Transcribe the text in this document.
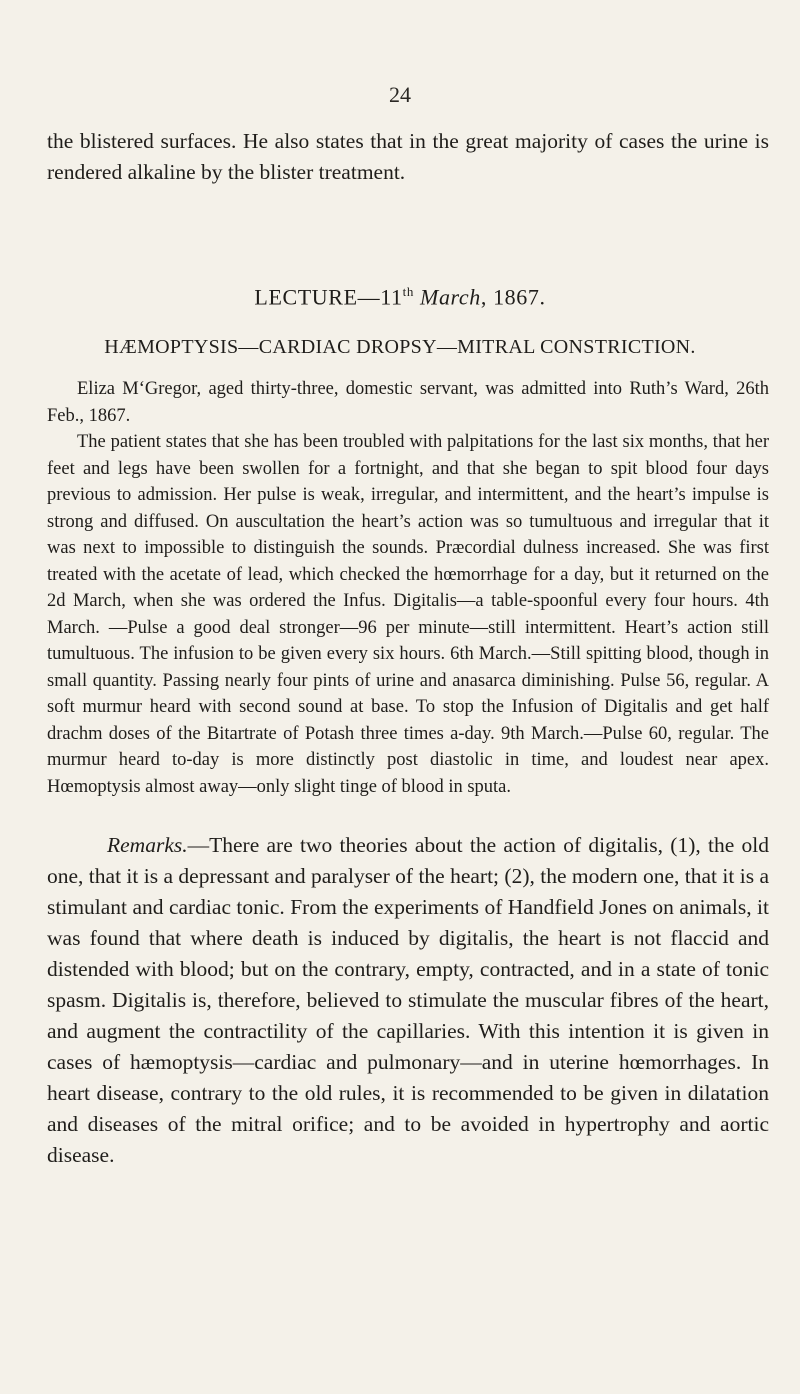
24
the blistered surfaces. He also states that in the great majority of cases the urine is rendered alkaline by the blister treatment.
LECTURE—11th March, 1867.
HÆMOPTYSIS—CARDIAC DROPSY—MITRAL CONSTRICTION.

Eliza M‘Gregor, aged thirty-three, domestic servant, was admitted into Ruth’s Ward, 26th Feb., 1867.

The patient states that she has been troubled with palpitations for the last six months, that her feet and legs have been swollen for a fortnight, and that she began to spit blood four days previous to admission. Her pulse is weak, irregular, and intermittent, and the heart’s impulse is strong and diffused. On auscultation the heart’s action was so tumultuous and irregular that it was next to impossible to distinguish the sounds. Præcordial dulness increased. She was first treated with the acetate of lead, which checked the hœmorrhage for a day, but it returned on the 2d March, when she was ordered the Infus. Digitalis—a table-spoonful every four hours. 4th March. —Pulse a good deal stronger—96 per minute—still intermittent. Heart’s action still tumultuous. The infusion to be given every six hours. 6th March.—Still spitting blood, though in small quantity. Passing nearly four pints of urine and anasarca diminishing. Pulse 56, regular. A soft murmur heard with second sound at base. To stop the Infusion of Digitalis and get half drachm doses of the Bitartrate of Potash three times a-day. 9th March.—Pulse 60, regular. The murmur heard to-day is more distinctly post diastolic in time, and loudest near apex. Hœmoptysis almost away—only slight tinge of blood in sputa.

Remarks.—There are two theories about the action of digitalis, (1), the old one, that it is a depressant and paralyser of the heart; (2), the modern one, that it is a stimulant and cardiac tonic. From the experiments of Handfield Jones on animals, it was found that where death is induced by digitalis, the heart is not flaccid and distended with blood; but on the contrary, empty, contracted, and in a state of tonic spasm. Digitalis is, therefore, believed to stimulate the muscular fibres of the heart, and augment the contractility of the capillaries. With this intention it is given in cases of hæmoptysis—cardiac and pulmonary—and in uterine hœmorrhages. In heart disease, contrary to the old rules, it is recommended to be given in dilatation and diseases of the mitral orifice; and to be avoided in hypertrophy and aortic disease.
